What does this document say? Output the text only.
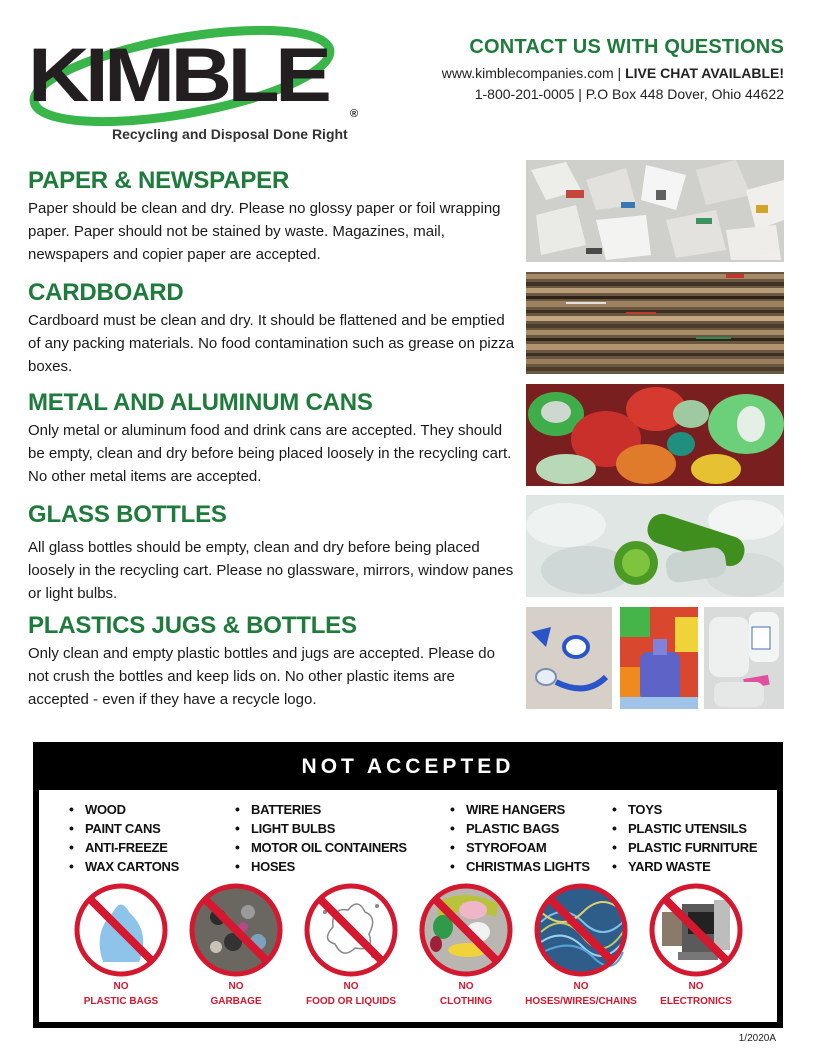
KIMBLE ®
Recycling and Disposal Done Right
CONTACT US WITH QUESTIONS
www.kimblecompanies.com | LIVE CHAT AVAILABLE!
1-800-201-0005 | P.O Box 448 Dover, Ohio 44622
PAPER & NEWSPAPER

Paper should be clean and dry. Please no glossy paper or foil wrapping paper. Paper should not be stained by waste. Magazines, mail, newspapers and copier paper are accepted.

CARDBOARD

Cardboard must be clean and dry. It should be flattened and be emptied of any packing materials. No food contamination such as grease on pizza boxes.

METAL AND ALUMINUM CANS

Only metal or aluminum food and drink cans are accepted. They should be empty, clean and dry before being placed loosely in the recycling cart. No other metal items are accepted.

GLASS BOTTLES

All glass bottles should be empty, clean and dry before being placed loosely in the recycling cart. Please no glassware, mirrors, window panes or light bulbs.

PLASTICS JUGS & BOTTLES

Only clean and empty plastic bottles and jugs are accepted. Please do not crush the bottles and keep lids on. No other plastic items are accepted - even if they have a recycle logo.

NOT ACCEPTED
• WOOD
• PAINT CANS
• ANTI-FREEZE
• WAX CARTONS
• BATTERIES
• LIGHT BULBS
• MOTOR OIL CONTAINERS
• HOSES
• WIRE HANGERS
• PLASTIC BAGS
• STYROFOAM
• CHRISTMAS LIGHTS
• TOYS
• PLASTIC UTENSILS
• PLASTIC FURNITURE
• YARD WASTE
NO
PLASTIC BAGS
NO
GARBAGE
NO
FOOD OR LIQUIDS
NO
CLOTHING
NO
HOSES/WIRES/CHAINS
NO
ELECTRONICS
1/2020A
